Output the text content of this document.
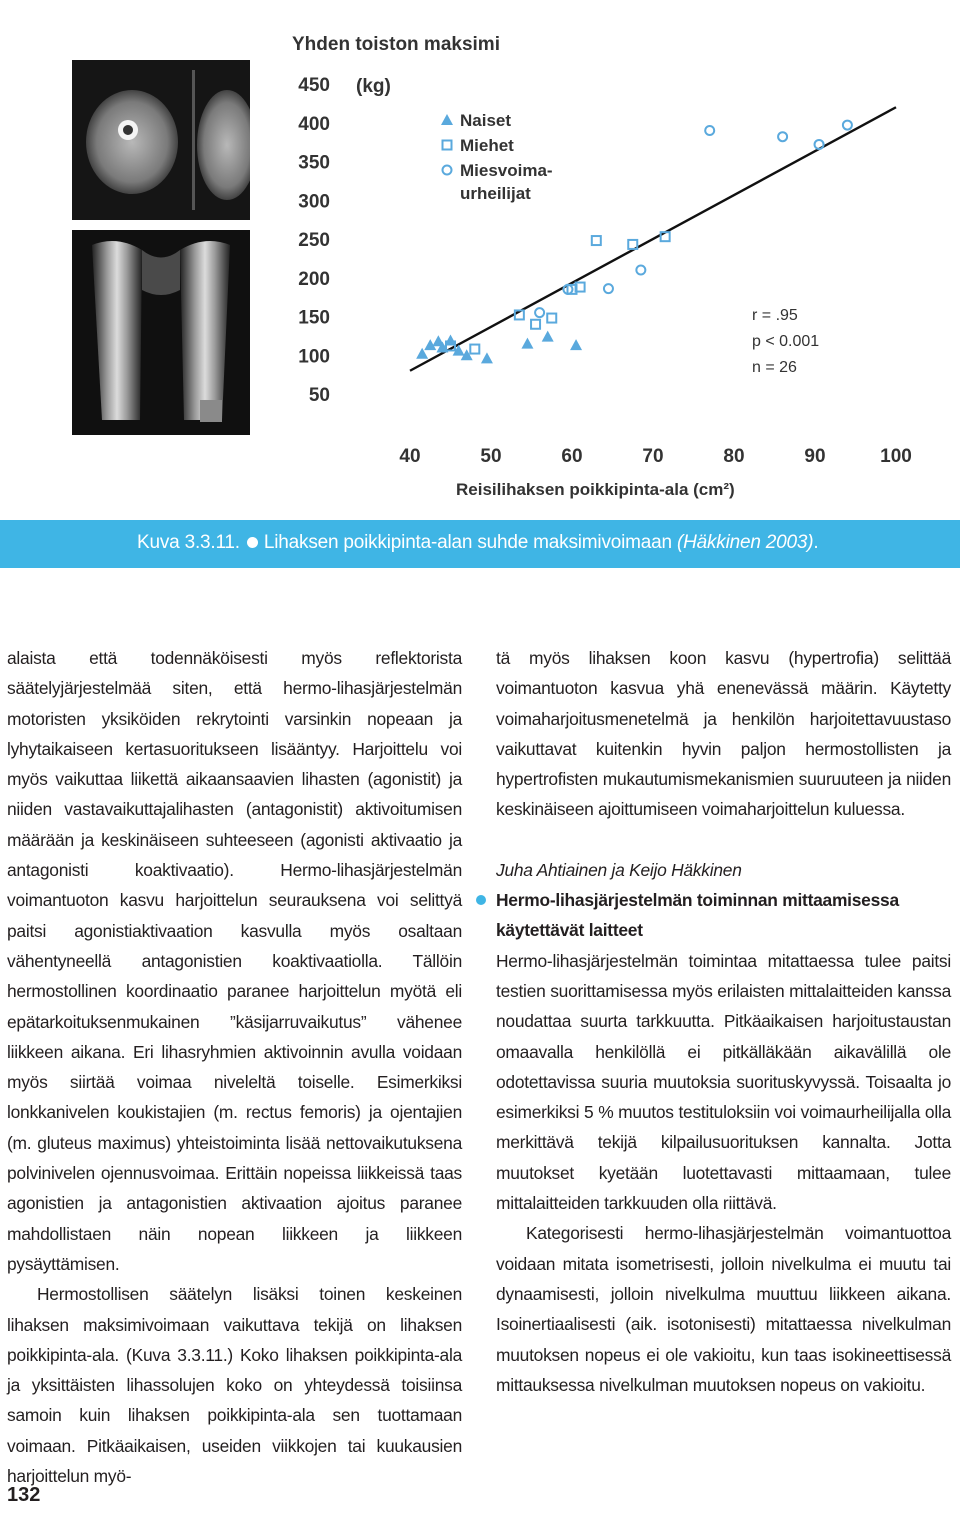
Yhden toiston maksimi
(kg)
450
400
350
300
250
200
150
100
50
40	50	60	70	80	90	100
Reisilihaksen poikkipinta-ala (cm²)
Naiset
Miehet
Miesvoima-
urheilijat
r = .95
p < 0.001
n = 26
Kuva 3.3.11. Lihaksen poikkipinta-alan suhde maksimivoimaan (Häkkinen 2003).

alaista että todennäköisesti myös reflektorista säätelyjärjestelmää siten, että hermo-lihasjärjestelmän motoristen yksiköiden rekrytointi varsinkin nopeaan ja lyhytaikaiseen kertasuoritukseen lisääntyy. Harjoittelu voi myös vaikuttaa liikettä aikaansaavien lihasten (agonistit) ja niiden vastavaikuttajalihasten (antagonistit) aktivoitumisen määrään ja keskinäiseen suhteeseen (agonisti aktivaatio ja antagonisti koaktivaatio). Hermo-lihasjärjestelmän voimantuoton kasvu harjoittelun seurauksena voi selittyä paitsi agonistiaktivaation kasvulla myös osaltaan vähentyneellä antagonistien koaktivaatiolla. Tällöin hermostollinen koordinaatio paranee harjoittelun myötä eli epätarkoituksenmukainen ”käsijarruvaikutus” vähenee liikkeen aikana. Eri lihasryhmien aktivoinnin avulla voidaan myös siirtää voimaa niveleltä toiselle. Esimerkiksi lonkkanivelen koukistajien (m. rectus femoris) ja ojentajien (m. gluteus maximus) yhteistoiminta lisää nettovaikutuksena polvinivelen ojennusvoimaa. Erittäin nopeissa liikkeissä taas agonistien ja antagonistien aktivaation ajoitus paranee mahdollistaen näin nopean liikkeen ja liikkeen pysäyttämisen.

Hermostollisen säätelyn lisäksi toinen keskeinen lihaksen maksimivoimaan vaikuttava tekijä on lihaksen poikkipinta-ala. (Kuva 3.3.11.) Koko lihaksen poikkipinta-ala ja yksittäisten lihassolujen koko on yhteydessä toisiinsa samoin kuin lihaksen poikkipinta-ala sen tuottamaan voimaan. Pitkäaikaisen, useiden viikkojen tai kuukausien harjoittelun myö-

tä myös lihaksen koon kasvu (hypertrofia) selittää voimantuoton kasvua yhä enenevässä määrin. Käytetty voimaharjoitusmenetelmä ja henkilön harjoitettavuustaso vaikuttavat kuitenkin hyvin paljon hermostollisten ja hypertrofisten mukautumismekanismien suuruuteen ja niiden keskinäiseen ajoittumiseen voimaharjoittelun kuluessa.

Juha Ahtiainen ja Keijo Häkkinen

Hermo-lihasjärjestelmän toiminnan mittaamisessa käytettävät laitteet

Hermo-lihasjärjestelmän toimintaa mitattaessa tulee paitsi testien suorittamisessa myös erilaisten mittalaitteiden kanssa noudattaa suurta tarkkuutta. Pitkäaikaisen harjoitustaustan omaavalla henkilöllä ei pitkälläkään aikavälillä ole odotettavissa suuria muutoksia suorituskyvyssä. Toisaalta jo esimerkiksi 5 % muutos testituloksiin voi voimaurheilijalla olla merkittävä tekijä kilpailusuorituksen kannalta. Jotta muutokset kyetään luotettavasti mittaamaan, tulee mittalaitteiden tarkkuuden olla riittävä.

Kategorisesti hermo-lihasjärjestelmän voimantuottoa voidaan mitata isometrisesti, jolloin nivelkulma ei muutu tai dynaamisesti, jolloin nivelkulma muuttuu liikkeen aikana. Isoinertiaalisesti (aik. isotonisesti) mitattaessa nivelkulman muutoksen nopeus ei ole vakioitu, kun taas isokineettisessä mittauksessa nivelkulman muutoksen nopeus on vakioitu.

132
